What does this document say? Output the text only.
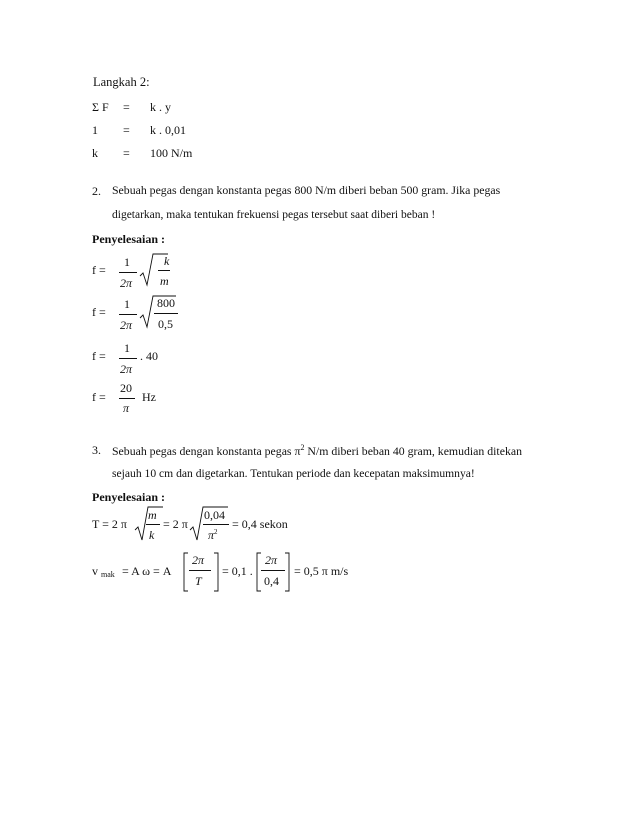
Langkah 2:
Σ F = k . y
1 = k . 0,01
k = 100 N/m
2. Sebuah pegas dengan konstanta pegas 800 N/m diberi beban 500 gram. Jika pegas
digetarkan, maka tentukan frekuensi pegas tersebut saat diberi beban !
Penyelesaian :
f =
1
2π
k
m
f =
1
2π
800
0,5
f =
1
2π
. 40
f =
20
π
Hz
3. Sebuah pegas dengan konstanta pegas $\pi^2$ N/m diberi beban 40 gram, kemudian ditekan
sejauh 10 cm dan digetarkan. Tentukan periode dan kecepatan maksimumnya!
Penyelesaian :
T = 2 π
m
k
= 2 π
0,04
$\pi^2$
= 0,4 sekon
v mak = A ω = A
2π
T
= 0,1 .
2π
0,4
= 0,5 π m/s
